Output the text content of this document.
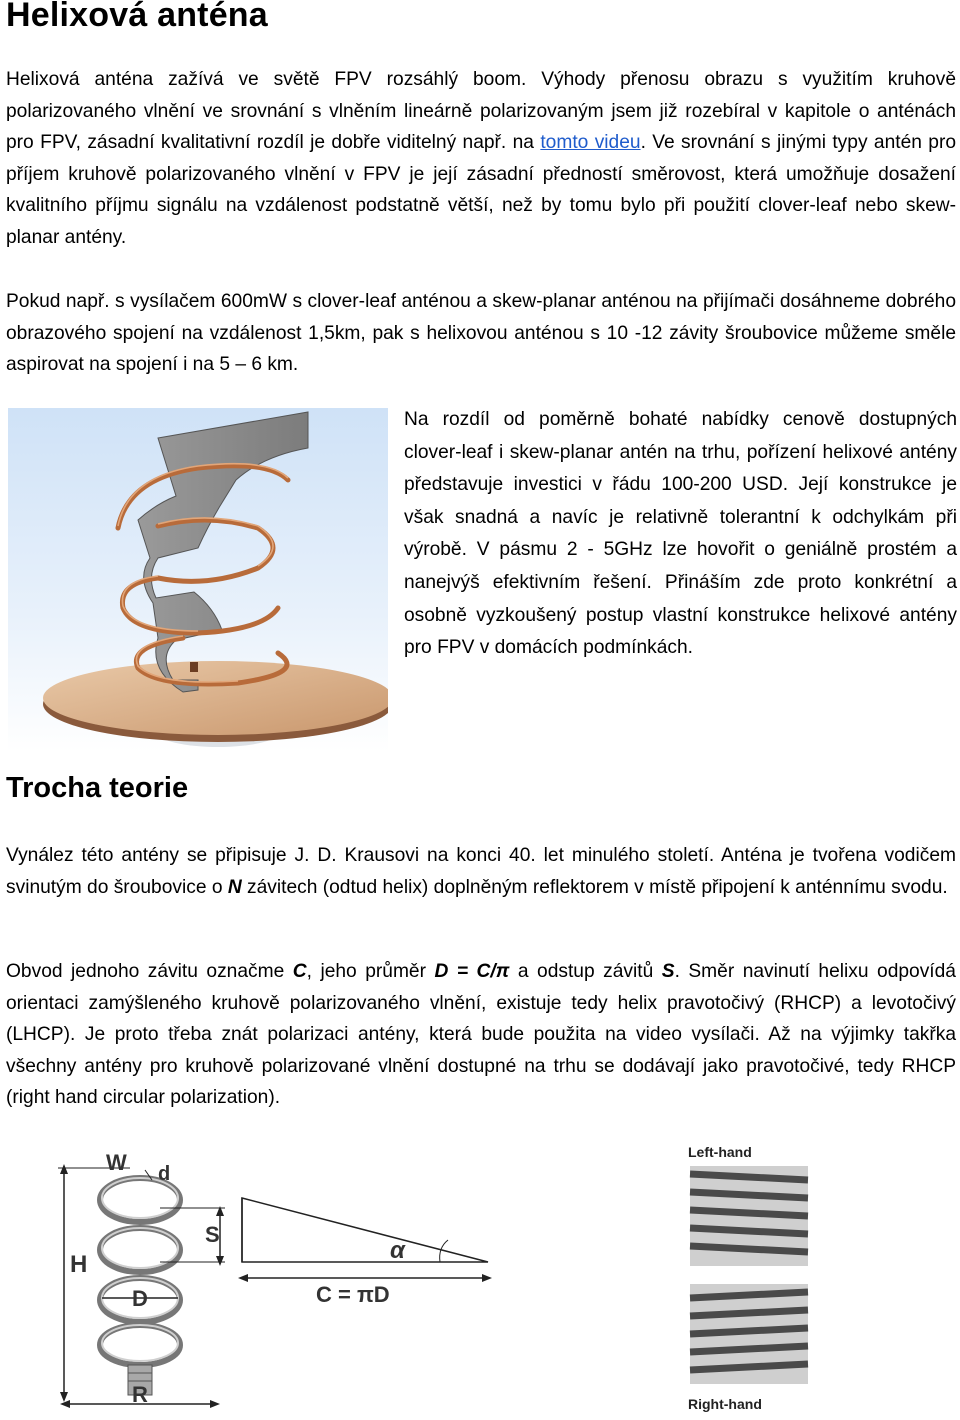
Helixová anténa

Helixová anténa zažívá ve světě FPV rozsáhlý boom. Výhody přenosu obrazu s využitím kruhově polarizovaného vlnění ve srovnání s vlněním lineárně polarizovaným jsem již rozebíral v kapitole o anténách pro FPV, zásadní kvalitativní rozdíl je dobře viditelný např. na tomto videu. Ve srovnání s jinými typy antén pro příjem kruhově polarizovaného vlnění v FPV je její zásadní předností směrovost, která umožňuje dosažení kvalitního příjmu signálu na vzdálenost podstatně větší, než by tomu bylo při použití clover-leaf nebo skew-planar antény.

Pokud např. s vysílačem 600mW s clover-leaf anténou a skew-planar anténou na přijímači dosáhneme dobrého obrazového spojení na vzdálenost 1,5km, pak s helixovou anténou s 10 -12 závity šroubovice můžeme směle aspirovat na spojení i na 5 – 6 km.

Na rozdíl od poměrně bohaté nabídky cenově dostupných clover-leaf i skew-planar antén na trhu, pořízení helixové antény představuje investici v řádu 100-200 USD. Její konstrukce je však snadná a navíc je relativně tolerantní k odchylkám při výrobě. V pásmu 2 - 5GHz lze hovořit o geniálně prostém a nanejvýš efektivním řešení. Přináším zde proto konkrétní a osobně vyzkoušený postup vlastní konstrukce helixové antény pro FPV v domácích podmínkách.

Trocha teorie

Vynález této antény se připisuje J. D. Krausovi na konci 40. let minulého století. Anténa je tvořena vodičem svinutým do šroubovice o N závitech (odtud helix) doplněným reflektorem v místě připojení k anténnímu svodu.

Obvod jednoho závitu označme C, jeho průměr D = C/π a odstup závitů S. Směr navinutí helixu odpovídá orientaci zamýšleného kruhově polarizovaného vlnění, existuje tedy helix pravotočivý (RHCP) a levotočivý (LHCP). Je proto třeba znát polarizaci antény, která bude použita na video vysílači. Až na výjimky takřka všechny antény pro kruhově polarizované vlnění dostupné na trhu se dodávají jako pravotočivé, tedy RHCP (right hand circular polarization).

H
D
W d
S
R
α
C = πD
Left-hand
Right-hand
